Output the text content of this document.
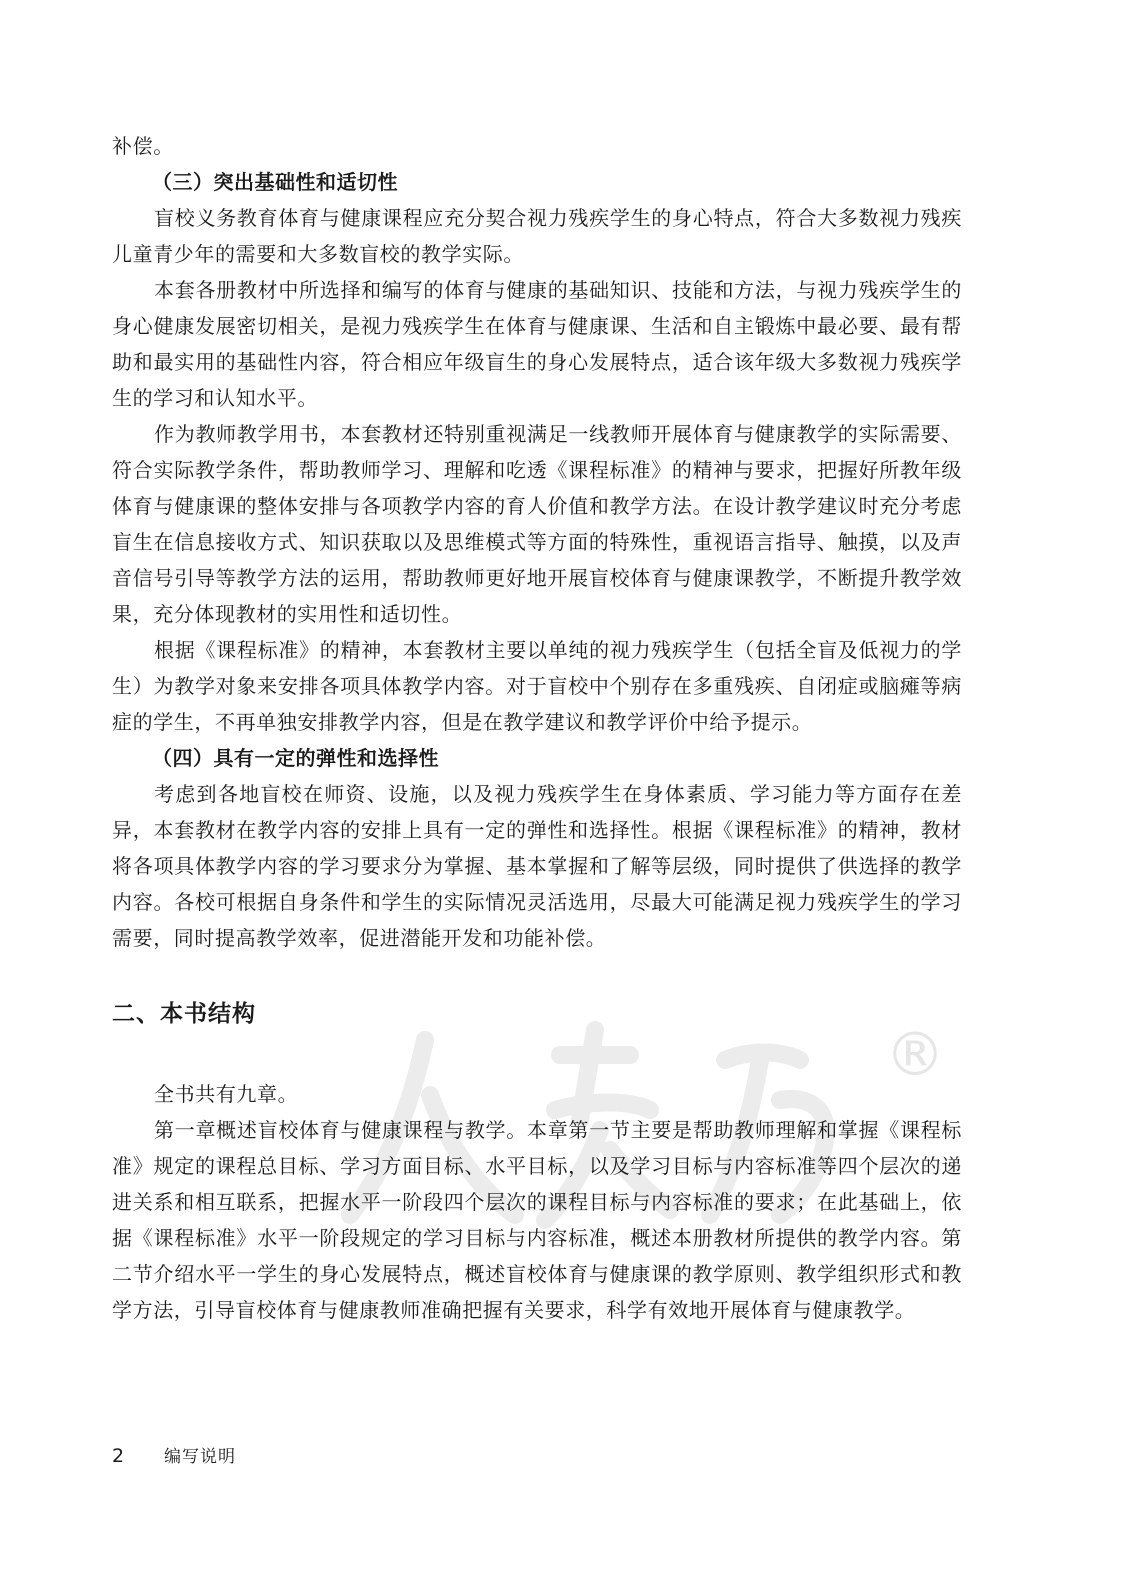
®

补偿。

（三）突出基础性和适切性

盲校义务教育体育与健康课程应充分契合视力残疾学生的身心特点，符合大多数视力残疾儿童青少年的需要和大多数盲校的教学实际。

本套各册教材中所选择和编写的体育与健康的基础知识、技能和方法，与视力残疾学生的身心健康发展密切相关，是视力残疾学生在体育与健康课、生活和自主锻炼中最必要、最有帮助和最实用的基础性内容，符合相应年级盲生的身心发展特点，适合该年级大多数视力残疾学生的学习和认知水平。

作为教师教学用书，本套教材还特别重视满足一线教师开展体育与健康教学的实际需要、符合实际教学条件，帮助教师学习、理解和吃透《课程标准》的精神与要求，把握好所教年级体育与健康课的整体安排与各项教学内容的育人价值和教学方法。在设计教学建议时充分考虑盲生在信息接收方式、知识获取以及思维模式等方面的特殊性，重视语言指导、触摸，以及声音信号引导等教学方法的运用，帮助教师更好地开展盲校体育与健康课教学，不断提升教学效果，充分体现教材的实用性和适切性。

根据《课程标准》的精神，本套教材主要以单纯的视力残疾学生（包括全盲及低视力的学生）为教学对象来安排各项具体教学内容。对于盲校中个别存在多重残疾、自闭症或脑瘫等病症的学生，不再单独安排教学内容，但是在教学建议和教学评价中给予提示。

（四）具有一定的弹性和选择性

考虑到各地盲校在师资、设施，以及视力残疾学生在身体素质、学习能力等方面存在差异，本套教材在教学内容的安排上具有一定的弹性和选择性。根据《课程标准》的精神，教材将各项具体教学内容的学习要求分为掌握、基本掌握和了解等层级，同时提供了供选择的教学内容。各校可根据自身条件和学生的实际情况灵活选用，尽最大可能满足视力残疾学生的学习需要，同时提高教学效率，促进潜能开发和功能补偿。

二、本书结构

全书共有九章。

第一章概述盲校体育与健康课程与教学。本章第一节主要是帮助教师理解和掌握《课程标准》规定的课程总目标、学习方面目标、水平目标，以及学习目标与内容标准等四个层次的递进关系和相互联系，把握水平一阶段四个层次的课程目标与内容标准的要求；在此基础上，依据《课程标准》水平一阶段规定的学习目标与内容标准，概述本册教材所提供的教学内容。第二节介绍水平一学生的身心发展特点，概述盲校体育与健康课的教学原则、教学组织形式和教学方法，引导盲校体育与健康教师准确把握有关要求，科学有效地开展体育与健康教学。

2 编写说明
